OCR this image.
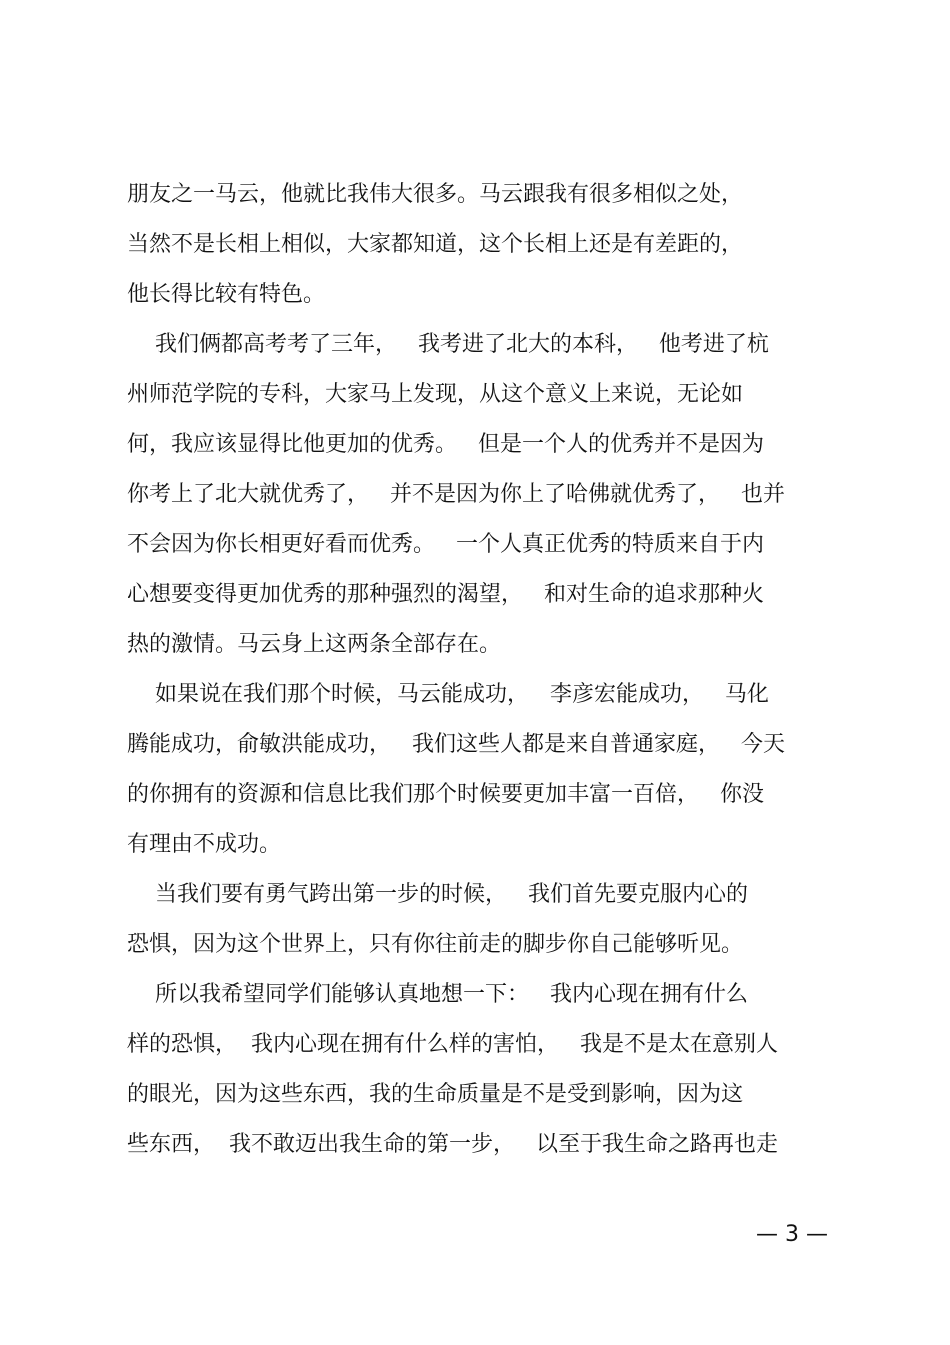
朋友之一马云，他就比我伟大很多。马云跟我有很多相似之处，
当然不是长相上相似，大家都知道，这个长相上还是有差距的，
他长得比较有特色。
我们俩都高考考了三年，   我考进了北大的本科，   他考进了杭
州师范学院的专科，大家马上发现，从这个意义上来说，无论如
何，我应该显得比他更加的优秀。   但是一个人的优秀并不是因为
你考上了北大就优秀了，   并不是因为你上了哈佛就优秀了，   也并
不会因为你长相更好看而优秀。   一个人真正优秀的特质来自于内
心想要变得更加优秀的那种强烈的渴望，   和对生命的追求那种火
热的激情。马云身上这两条全部存在。
如果说在我们那个时候，马云能成功，   李彦宏能成功，   马化
腾能成功，俞敏洪能成功，   我们这些人都是来自普通家庭，   今天
的你拥有的资源和信息比我们那个时候要更加丰富一百倍，   你没
有理由不成功。
当我们要有勇气跨出第一步的时候，   我们首先要克服内心的
恐惧，因为这个世界上，只有你往前走的脚步你自己能够听见。
所以我希望同学们能够认真地想一下：   我内心现在拥有什么
样的恐惧，  我内心现在拥有什么样的害怕，   我是不是太在意别人
的眼光，因为这些东西，我的生命质量是不是受到影响，因为这
些东西，  我不敢迈出我生命的第一步，   以至于我生命之路再也走
— 3 —
